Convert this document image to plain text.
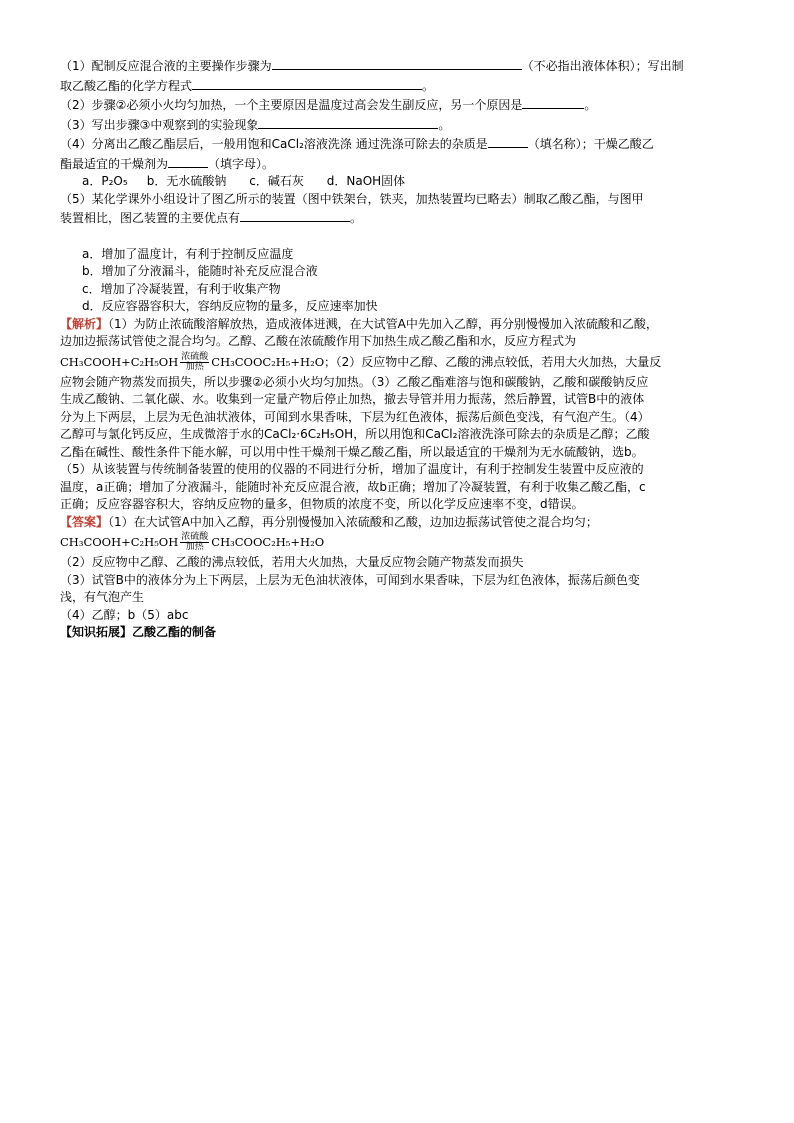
（1）配制反应混合液的主要操作步骤为	（不必指出液体体积）；写出制
取乙酸乙酯的化学方程式	。
（2）步骤②必须小火均匀加热，一个主要原因是温度过高会发生副反应，另一个原因是	。
（3）写出步骤③中观察到的实验现象	。
（4）分离出乙酸乙酯层后，一般用饱和CaCl₂溶液洗涤 通过洗涤可除去的杂质是	（填名称）；干燥乙酸乙
酯最适宜的干燥剂为	（填字母）。
a．P₂O₅ b．无水硫酸钠 c．碱石灰 d．NaOH固体
（5）某化学课外小组设计了图乙所示的装置（图中铁架台，铁夹，加热装置均已略去）制取乙酸乙酯，与图甲
装置相比，图乙装置的主要优点有	。
a．增加了温度计，有利于控制反应温度
b．增加了分液漏斗，能随时补充反应混合液
c．增加了冷凝装置，有利于收集产物
d．反应容器容积大，容纳反应物的量多，反应速率加快
【解析】（1）为防止浓硫酸溶解放热，造成液体迸溅，在大试管A中先加入乙醇，再分别慢慢加入浓硫酸和乙酸，
边加边振荡试管使之混合均匀。乙醇、乙酸在浓硫酸作用下加热生成乙酸乙酯和水，反应方程式为
CH₃COOH+C₂H₅OH $\frac{\text{浓硫酸}}{\text{加热}}$ CH₃COOC₂H₅+H₂O；（2）反应物中乙醇、乙酸的沸点较低，若用大火加热，大量反
应物会随产物蒸发而损失，所以步骤②必须小火均匀加热。（3）乙酸乙酯难溶与饱和碳酸钠，乙酸和碳酸钠反应
生成乙酸钠、二氧化碳、水。收集到一定量产物后停止加热，撤去导管并用力振荡，然后静置，试管B中的液体
分为上下两层，上层为无色油状液体，可闻到水果香味，下层为红色液体，振荡后颜色变浅，有气泡产生。（4）
乙醇可与氯化钙反应，生成微溶于水的CaCl₂·6C₂H₅OH，所以用饱和CaCl₂溶液洗涤可除去的杂质是乙醇；乙酸
乙酯在碱性、酸性条件下能水解，可以用中性干燥剂干燥乙酸乙酯，所以最适宜的干燥剂为无水硫酸钠，选b。
（5）从该装置与传统制备装置的使用的仪器的不同进行分析，增加了温度计，有利于控制发生装置中反应液的
温度，a正确；增加了分液漏斗，能随时补充反应混合液，故b正确；增加了冷凝装置，有利于收集乙酸乙酯，c
正确；反应容器容积大，容纳反应物的量多，但物质的浓度不变，所以化学反应速率不变，d错误。
【答案】（1）在大试管A中加入乙醇，再分别慢慢加入浓硫酸和乙酸，边加边振荡试管使之混合均匀；
CH₃COOH+C₂H₅OH $\frac{\text{浓硫酸}}{\text{加热}}$ CH₃COOC₂H₅+H₂O
（2）反应物中乙醇、乙酸的沸点较低，若用大火加热，大量反应物会随产物蒸发而损失
（3）试管B中的液体分为上下两层，上层为无色油状液体，可闻到水果香味，下层为红色液体，振荡后颜色变
浅，有气泡产生
（4）乙醇；b（5）abc
【知识拓展】乙酸乙酯的制备
